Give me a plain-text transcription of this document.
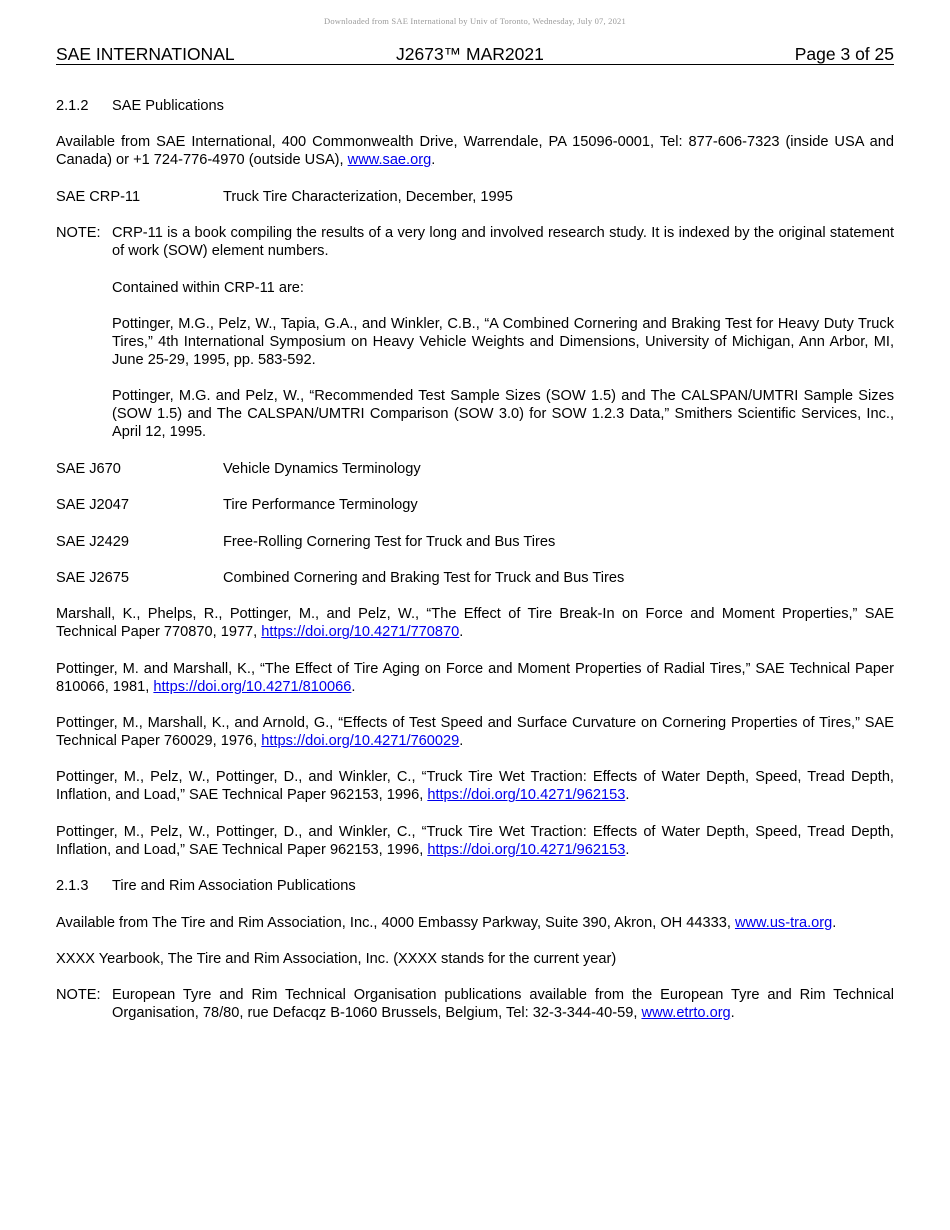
Downloaded from SAE International by Univ of Toronto, Wednesday, July 07, 2021
SAE INTERNATIONAL	J2673™ MAR2021	Page 3 of 25
2.1.2 SAE Publications

Available from SAE International, 400 Commonwealth Drive, Warrendale, PA 15096-0001, Tel: 877-606-7323 (inside USA and Canada) or +1 724-776-4970 (outside USA), www.sae.org.

SAE CRP-11	Truck Tire Characterization, December, 1995
NOTE: CRP-11 is a book compiling the results of a very long and involved research study. It is indexed by the original statement of work (SOW) element numbers.

Contained within CRP-11 are:

Pottinger, M.G., Pelz, W., Tapia, G.A., and Winkler, C.B., “A Combined Cornering and Braking Test for Heavy Duty Truck Tires,” 4th International Symposium on Heavy Vehicle Weights and Dimensions, University of Michigan, Ann Arbor, MI, June 25-29, 1995, pp. 583-592.

Pottinger, M.G. and Pelz, W., “Recommended Test Sample Sizes (SOW 1.5) and The CALSPAN/UMTRI Sample Sizes (SOW 1.5) and The CALSPAN/UMTRI Comparison (SOW 3.0) for SOW 1.2.3 Data,” Smithers Scientific Services, Inc., April 12, 1995.

SAE J670	Vehicle Dynamics Terminology
SAE J2047	Tire Performance Terminology
SAE J2429	Free-Rolling Cornering Test for Truck and Bus Tires
SAE J2675	Combined Cornering and Braking Test for Truck and Bus Tires

Marshall, K., Phelps, R., Pottinger, M., and Pelz, W., “The Effect of Tire Break-In on Force and Moment Properties,” SAE Technical Paper 770870, 1977, https://doi.org/10.4271/770870.

Pottinger, M. and Marshall, K., “The Effect of Tire Aging on Force and Moment Properties of Radial Tires,” SAE Technical Paper 810066, 1981, https://doi.org/10.4271/810066.

Pottinger, M., Marshall, K., and Arnold, G., “Effects of Test Speed and Surface Curvature on Cornering Properties of Tires,” SAE Technical Paper 760029, 1976, https://doi.org/10.4271/760029.

Pottinger, M., Pelz, W., Pottinger, D., and Winkler, C., “Truck Tire Wet Traction: Effects of Water Depth, Speed, Tread Depth, Inflation, and Load,” SAE Technical Paper 962153, 1996, https://doi.org/10.4271/962153.

Pottinger, M., Pelz, W., Pottinger, D., and Winkler, C., “Truck Tire Wet Traction: Effects of Water Depth, Speed, Tread Depth, Inflation, and Load,” SAE Technical Paper 962153, 1996, https://doi.org/10.4271/962153.

2.1.3 Tire and Rim Association Publications

Available from The Tire and Rim Association, Inc., 4000 Embassy Parkway, Suite 390, Akron, OH 44333, www.us-tra.org.

XXXX Yearbook, The Tire and Rim Association, Inc. (XXXX stands for the current year)

NOTE: European Tyre and Rim Technical Organisation publications available from the European Tyre and Rim Technical Organisation, 78/80, rue Defacqz B-1060 Brussels, Belgium, Tel: 32-3-344-40-59, www.etrto.org.
